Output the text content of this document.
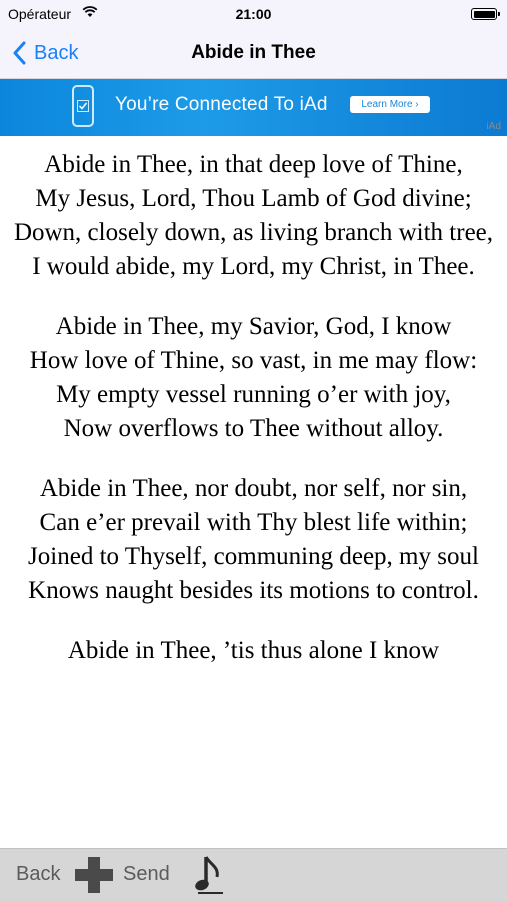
Opérateur	21:00
Back	Abide in Thee
You’re Connected To iAd	Learn More ›
iAd
Abide in Thee, in that deep love of Thine,
My Jesus, Lord, Thou Lamb of God divine;
Down, closely down, as living branch with tree,
I would abide, my Lord, my Christ, in Thee.
Abide in Thee, my Savior, God, I know
How love of Thine, so vast, in me may flow:
My empty vessel running o’er with joy,
Now overflows to Thee without alloy.
Abide in Thee, nor doubt, nor self, nor sin,
Can e’er prevail with Thy blest life within;
Joined to Thyself, communing deep, my soul
Knows naught besides its motions to control.
Abide in Thee, ’tis thus alone I know
Back	Send
